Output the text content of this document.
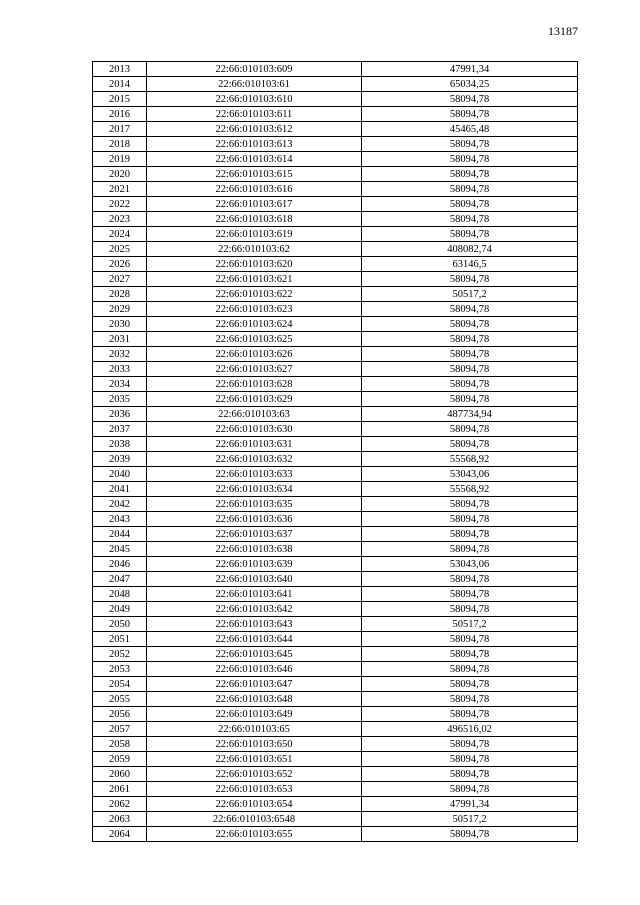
13187
2013	22:66:010103:609	47991,34
2014	22:66:010103:61	65034,25
2015	22:66:010103:610	58094,78
2016	22:66:010103:611	58094,78
2017	22:66:010103:612	45465,48
2018	22:66:010103:613	58094,78
2019	22:66:010103:614	58094,78
2020	22:66:010103:615	58094,78
2021	22:66:010103:616	58094,78
2022	22:66:010103:617	58094,78
2023	22:66:010103:618	58094,78
2024	22:66:010103:619	58094,78
2025	22:66:010103:62	408082,74
2026	22:66:010103:620	63146,5
2027	22:66:010103:621	58094,78
2028	22:66:010103:622	50517,2
2029	22:66:010103:623	58094,78
2030	22:66:010103:624	58094,78
2031	22:66:010103:625	58094,78
2032	22:66:010103:626	58094,78
2033	22:66:010103:627	58094,78
2034	22:66:010103:628	58094,78
2035	22:66:010103:629	58094,78
2036	22:66:010103:63	487734,94
2037	22:66:010103:630	58094,78
2038	22:66:010103:631	58094,78
2039	22:66:010103:632	55568,92
2040	22:66:010103:633	53043,06
2041	22:66:010103:634	55568,92
2042	22:66:010103:635	58094,78
2043	22:66:010103:636	58094,78
2044	22:66:010103:637	58094,78
2045	22:66:010103:638	58094,78
2046	22:66:010103:639	53043,06
2047	22:66:010103:640	58094,78
2048	22:66:010103:641	58094,78
2049	22:66:010103:642	58094,78
2050	22:66:010103:643	50517,2
2051	22:66:010103:644	58094,78
2052	22:66:010103:645	58094,78
2053	22:66:010103:646	58094,78
2054	22:66:010103:647	58094,78
2055	22:66:010103:648	58094,78
2056	22:66:010103:649	58094,78
2057	22:66:010103:65	496516,02
2058	22:66:010103:650	58094,78
2059	22:66:010103:651	58094,78
2060	22:66:010103:652	58094,78
2061	22:66:010103:653	58094,78
2062	22:66:010103:654	47991,34
2063	22:66:010103:6548	50517,2
2064	22:66:010103:655	58094,78
